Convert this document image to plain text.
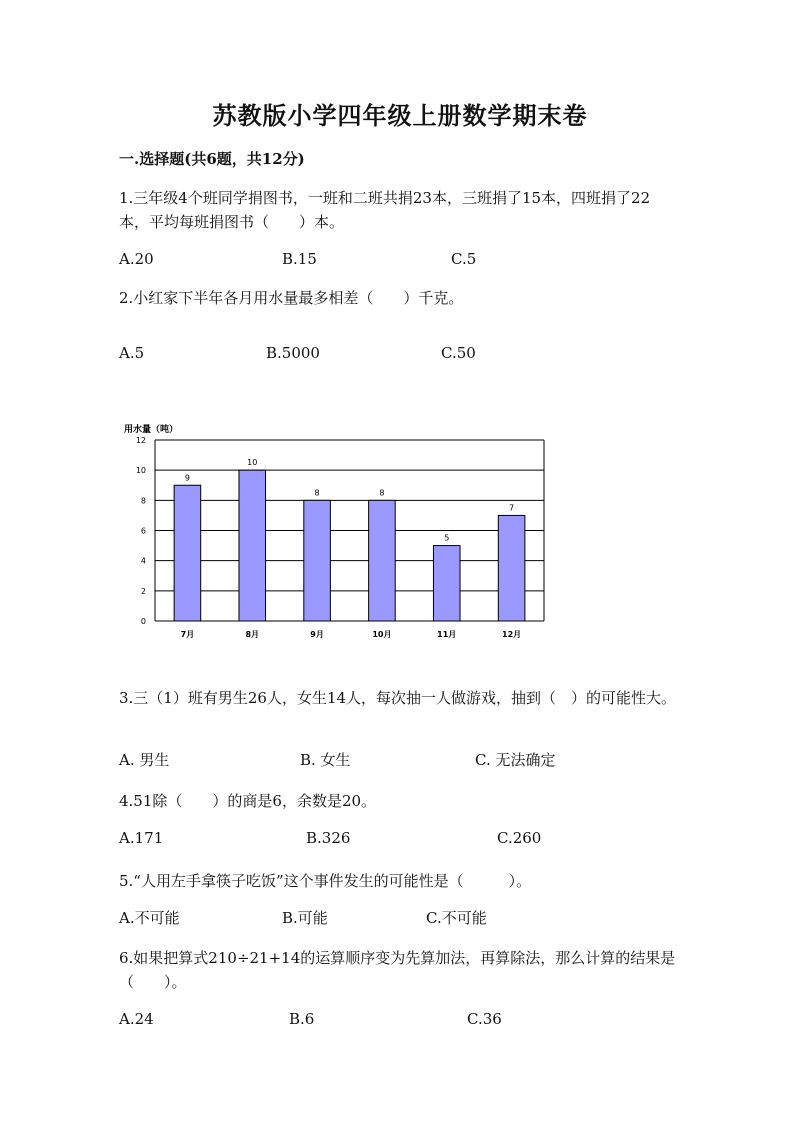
苏教版小学四年级上册数学期末卷
一.选择题(共6题，共12分)
1.三年级4个班同学捐图书，一班和二班共捐23本，三班捐了15本，四班捐了22本，平均每班捐图书（　　）本。
A.20	B.15	C.5
2.小红家下半年各月用水量最多相差（　　）千克。
A.5	B.5000	C.50
用水量（吨）
0
2
4
6
8
10
12
9
7月
10
8月
8
9月
8
10月
5
11月
7
12月
3.三（1）班有男生26人，女生14人，每次抽一人做游戏，抽到（　）的可能性大。
A. 男生	B. 女生	C. 无法确定
4.51除（　　）的商是6，余数是20。
A.171	B.326	C.260
5.“人用左手拿筷子吃饭”这个事件发生的可能性是（　　　）。
A.不可能	B.可能	C.不可能
6.如果把算式210÷21+14的运算顺序变为先算加法，再算除法，那么计算的结果是（　　）。
A.24	B.6	C.36
